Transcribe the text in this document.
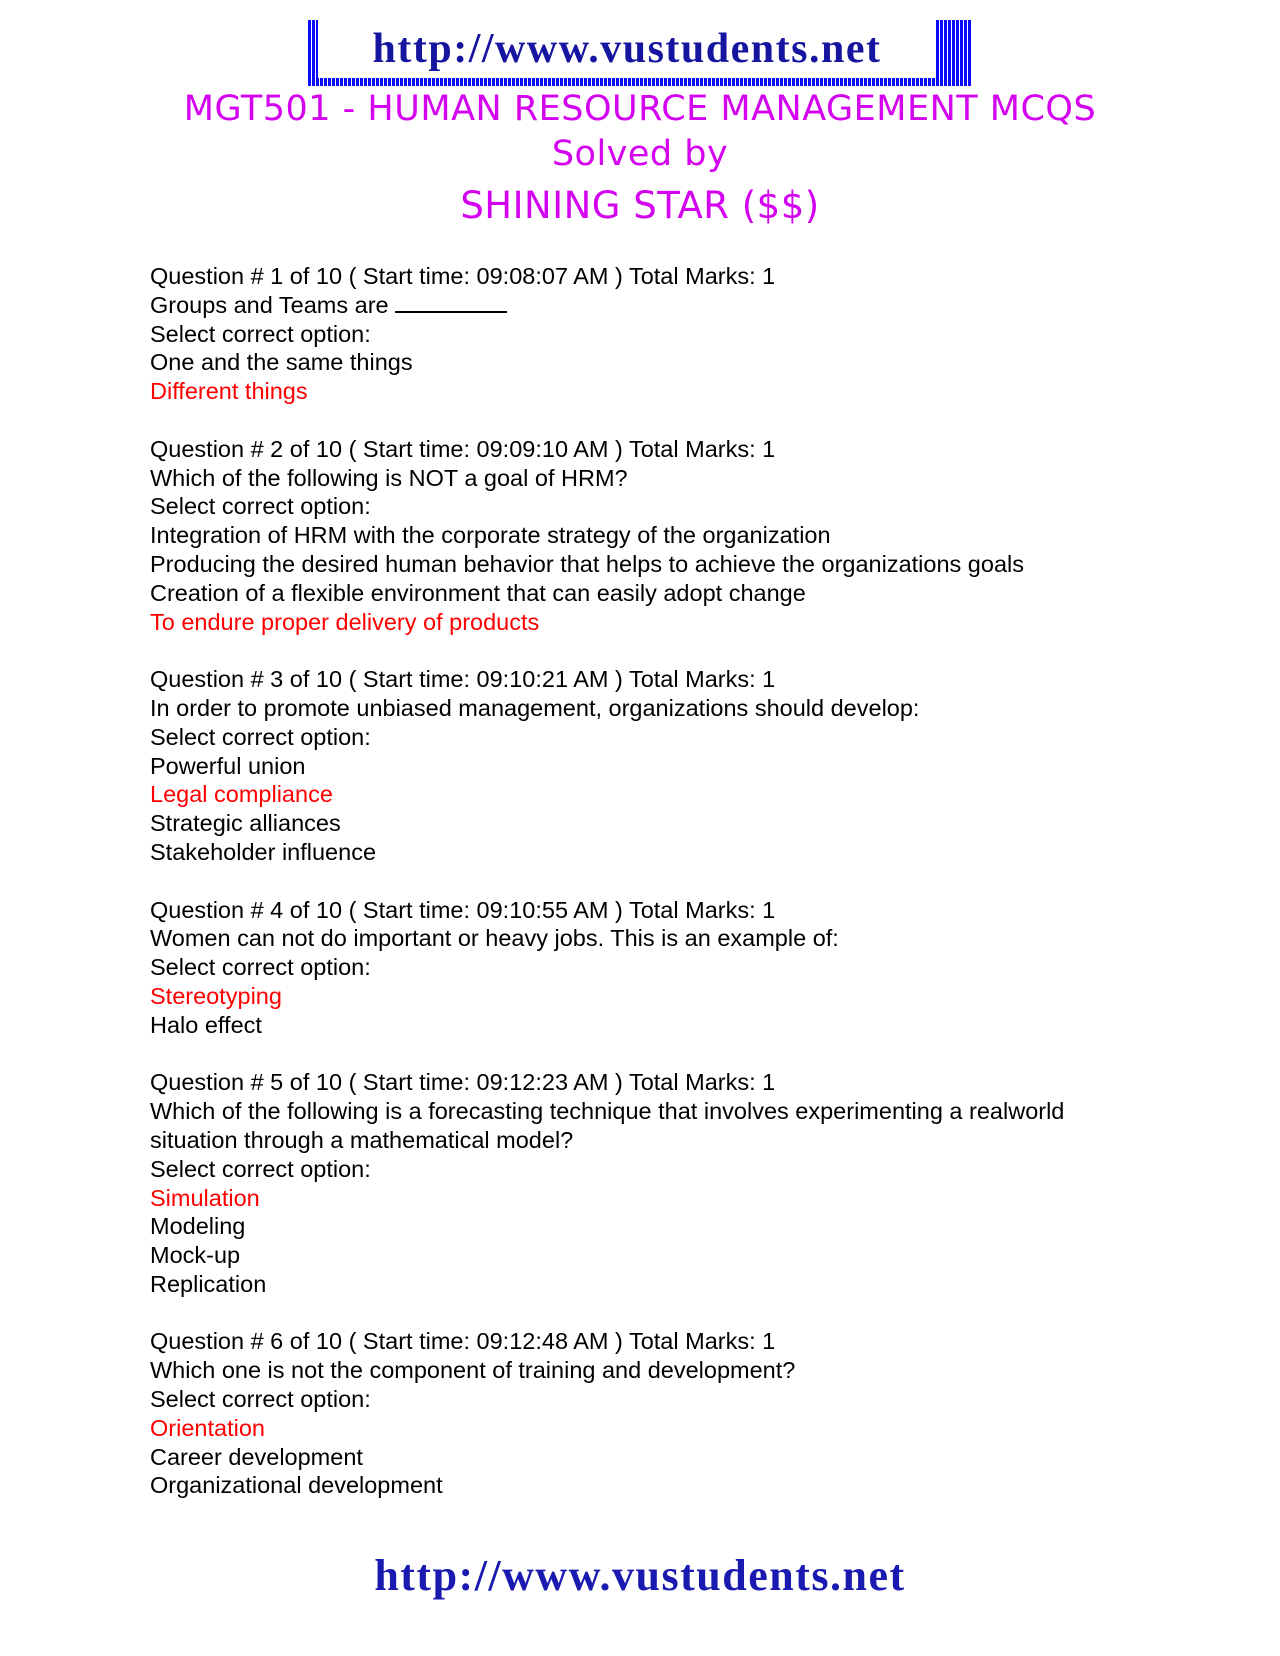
http://www.vustudents.net
MGT501 - HUMAN RESOURCE MANAGEMENT MCQS
Solved by
SHINING STAR ($$)
Question # 1 of 10 ( Start time: 09:08:07 AM ) Total Marks: 1
Groups and Teams are
Select correct option:
One and the same things
Different things
Question # 2 of 10 ( Start time: 09:09:10 AM ) Total Marks: 1
Which of the following is NOT a goal of HRM?
Select correct option:
Integration of HRM with the corporate strategy of the organization
Producing the desired human behavior that helps to achieve the organizations goals
Creation of a flexible environment that can easily adopt change
To endure proper delivery of products
Question # 3 of 10 ( Start time: 09:10:21 AM ) Total Marks: 1
In order to promote unbiased management, organizations should develop:
Select correct option:
Powerful union
Legal compliance
Strategic alliances
Stakeholder influence
Question # 4 of 10 ( Start time: 09:10:55 AM ) Total Marks: 1
Women can not do important or heavy jobs. This is an example of:
Select correct option:
Stereotyping
Halo effect
Question # 5 of 10 ( Start time: 09:12:23 AM ) Total Marks: 1
Which of the following is a forecasting technique that involves experimenting a realworld
situation through a mathematical model?
Select correct option:
Simulation
Modeling
Mock-up
Replication
Question # 6 of 10 ( Start time: 09:12:48 AM ) Total Marks: 1
Which one is not the component of training and development?
Select correct option:
Orientation
Career development
Organizational development
http://www.vustudents.net
